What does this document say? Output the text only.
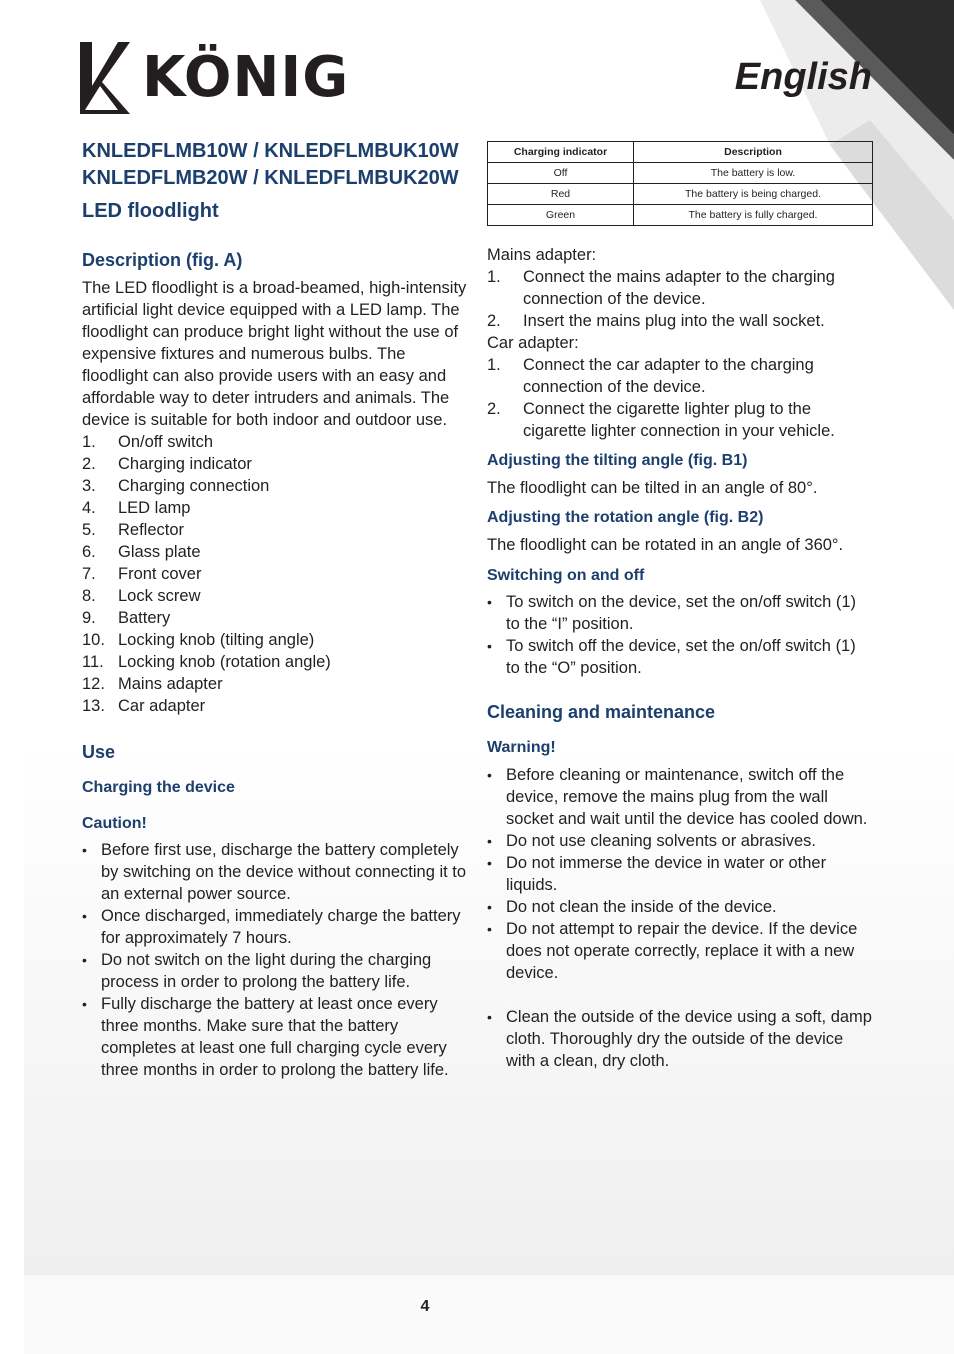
KÖNIG	English
Charging indicator	Description
Off	The battery is low.
Red	The battery is being charged.
Green	The battery is fully charged.
KNLEDFLMB10W / KNLEDFLMBUK10W
KNLEDFLMB20W / KNLEDFLMBUK20W
LED floodlight
Description (fig. A)

The LED floodlight is a broad-beamed, high-intensity artificial light device equipped with a LED lamp. The floodlight can produce bright light without the use of expensive fixtures and numerous bulbs. The floodlight can also provide users with an easy and affordable way to deter intruders and animals. The device is suitable for both indoor and outdoor use.

1. On/off switch
2. Charging indicator
3. Charging connection
4. LED lamp
5. Reflector
6. Glass plate
7. Front cover
8. Lock screw
9. Battery
10. Locking knob (tilting angle)
11. Locking knob (rotation angle)
12. Mains adapter
13. Car adapter
Use
Charging the device
Caution!
• Before first use, discharge the battery completely by switching on the device without connecting it to an external power source.
• Once discharged, immediately charge the battery for approximately 7 hours.
• Do not switch on the light during the charging process in order to prolong the battery life.
• Fully discharge the battery at least once every three months. Make sure that the battery completes at least one full charging cycle every three months in order to prolong the battery life.

Mains adapter:

1. Connect the mains adapter to the charging connection of the device.
2. Insert the mains plug into the wall socket.

Car adapter:

1. Connect the car adapter to the charging connection of the device.
2. Connect the cigarette lighter plug to the cigarette lighter connection in your vehicle.
Adjusting the tilting angle (fig. B1)

The floodlight can be tilted in an angle of 80°.

Adjusting the rotation angle (fig. B2)

The floodlight can be rotated in an angle of 360°.

Switching on and off
• To switch on the device, set the on/off switch (1) to the “I” position.
• To switch off the device, set the on/off switch (1) to the “O” position.
Cleaning and maintenance
Warning!
• Before cleaning or maintenance, switch off the device, remove the mains plug from the wall socket and wait until the device has cooled down.
• Do not use cleaning solvents or abrasives.
• Do not immerse the device in water or other liquids.
• Do not clean the inside of the device.
• Do not attempt to repair the device. If the device does not operate correctly, replace it with a new device.
• Clean the outside of the device using a soft, damp cloth. Thoroughly dry the outside of the device with a clean, dry cloth.
4
